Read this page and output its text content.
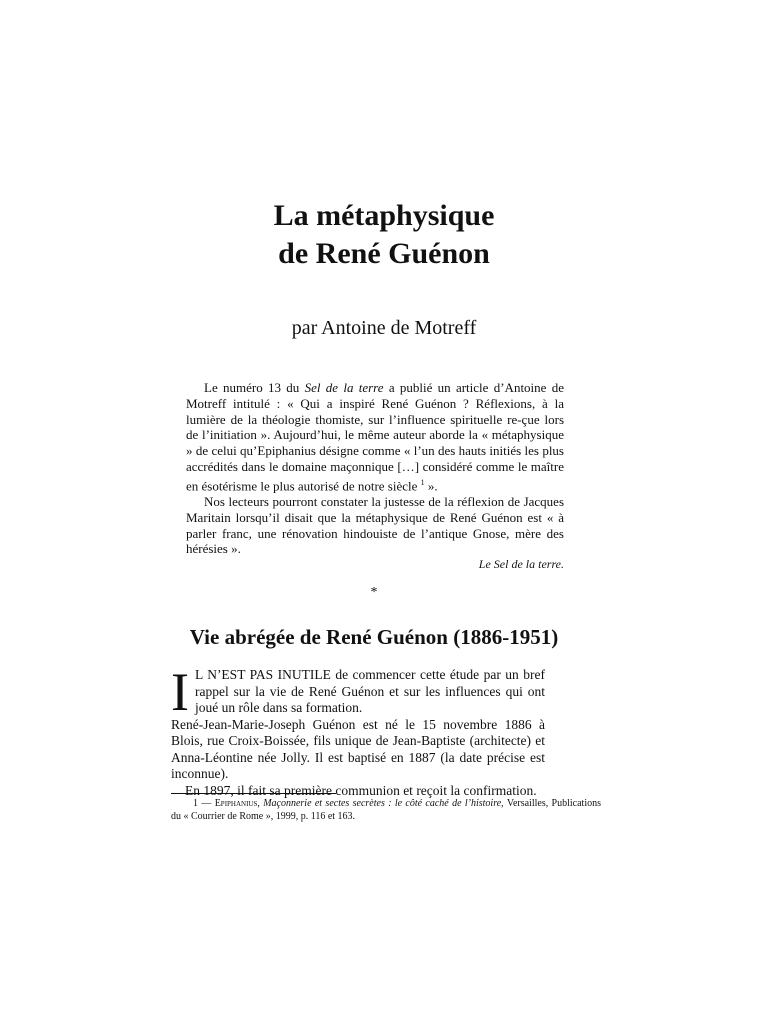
La métaphysique
de René Guénon
par Antoine de Motreff

Le numéro 13 du Sel de la terre a publié un article d’Antoine de Motreff intitulé : « Qui a inspiré René Guénon ? Réflexions, à la lumière de la théologie thomiste, sur l’influence spirituelle re-çue lors de l’initiation ». Aujourd’hui, le même auteur aborde la « métaphysique » de celui qu’Epiphanius désigne comme « l’un des hauts initiés les plus accrédités dans le domaine maçonnique […] considéré comme le maître en ésotérisme le plus autorisé de notre siècle $^1$ ».

Nos lecteurs pourront constater la justesse de la réflexion de Jacques Maritain lorsqu’il disait que la métaphysique de René Guénon est « à parler franc, une rénovation hindouiste de l’antique Gnose, mère des hérésies ».

Le Sel de la terre.

*
Vie abrégée de René Guénon (1886-1951)

I L N’EST PAS INUTILE de commencer cette étude par un bref rappel sur la vie de René Guénon et sur les influences qui ont joué un rôle dans sa formation.

René-Jean-Marie-Joseph Guénon est né le 15 novembre 1886 à Blois, rue Croix-Boissée, fils unique de Jean-Baptiste (architecte) et Anna-Léontine née Jolly. Il est baptisé en 1887 (la date précise est inconnue).

En 1897, il fait sa première communion et reçoit la confirmation.

1 — Epiphanius, Maçonnerie et sectes secrètes : le côté caché de l’histoire, Versailles, Publications du « Courrier de Rome », 1999, p. 116 et 163.
